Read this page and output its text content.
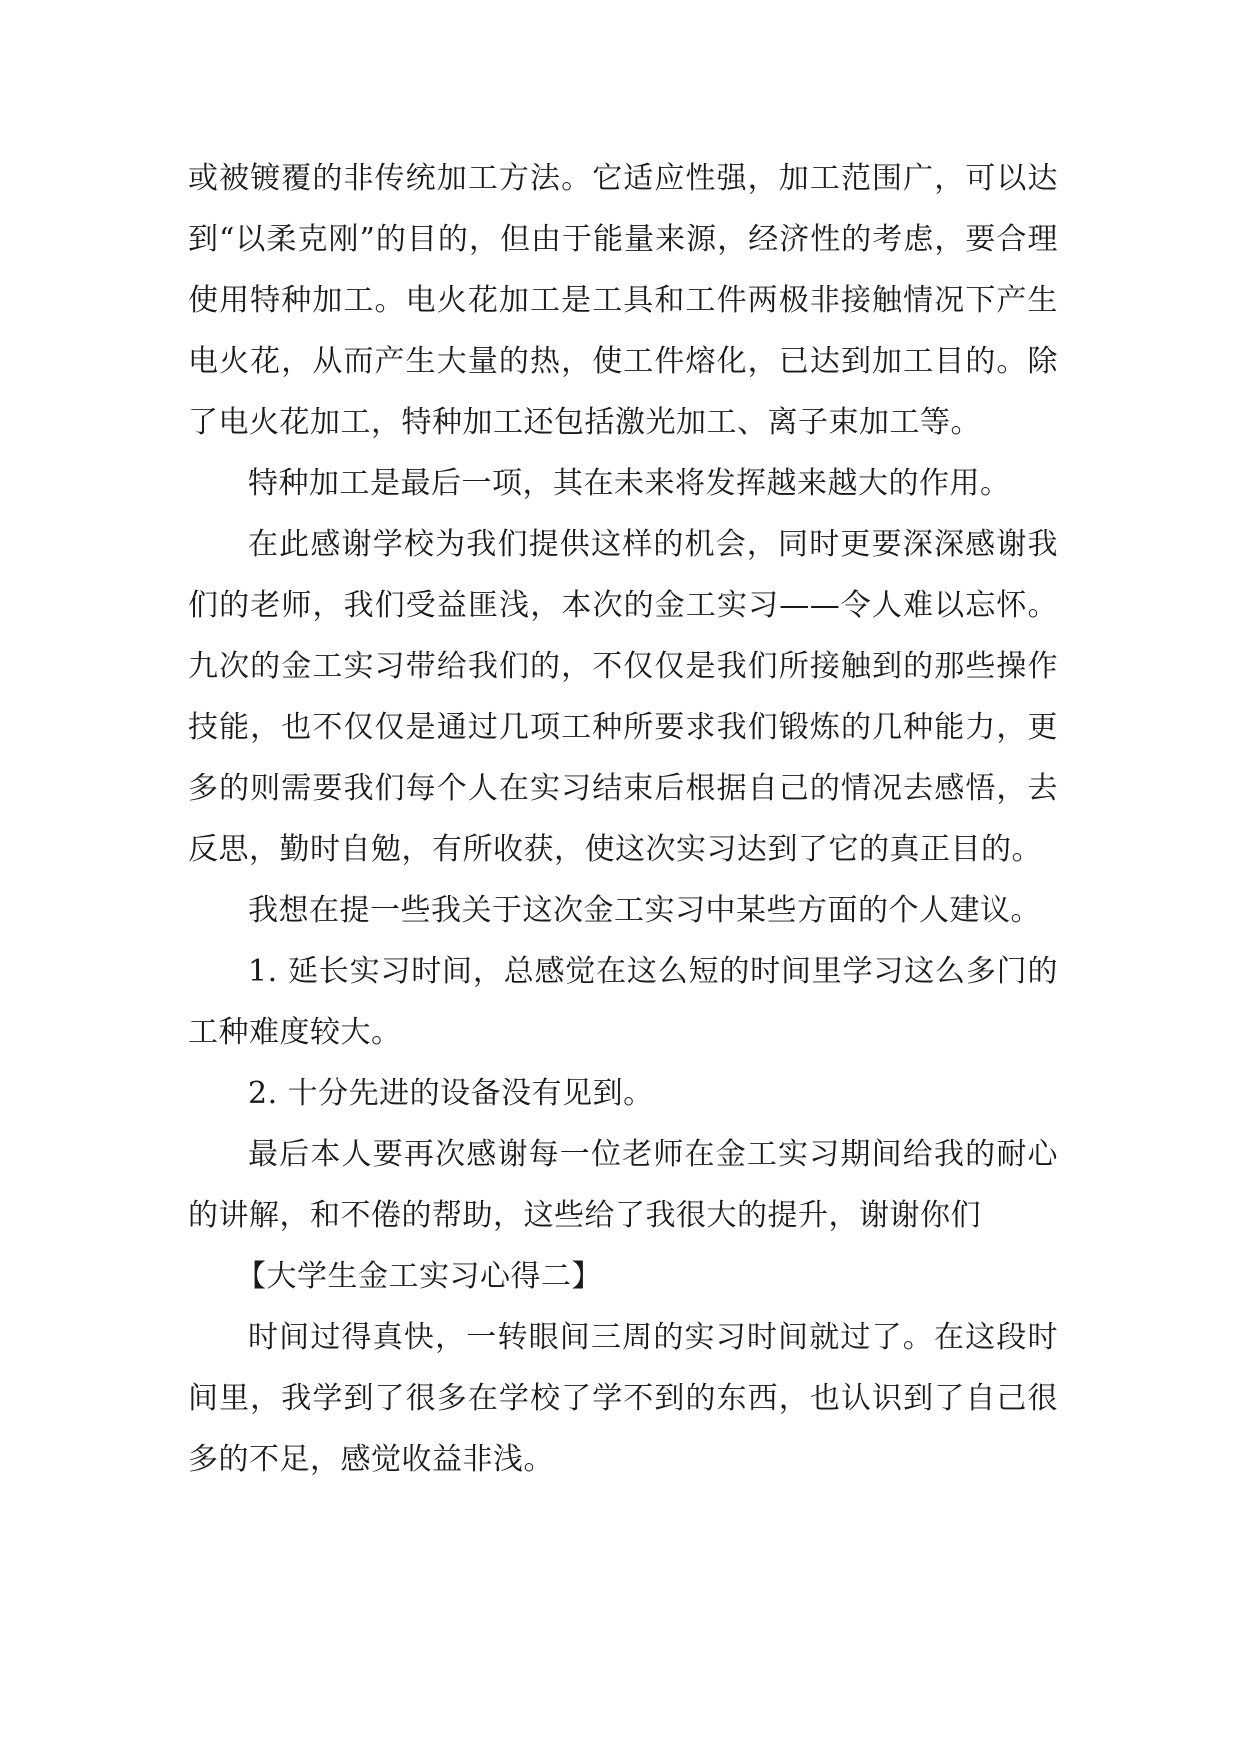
或被镀覆的非传统加工方法。它适应性强，加工范围广，可以达到“以柔克刚”的目的，但由于能量来源，经济性的考虑，要合理使用特种加工。电火花加工是工具和工件两极非接触情况下产生电火花，从而产生大量的热，使工件熔化，已达到加工目的。除了电火花加工，特种加工还包括激光加工、离子束加工等。

特种加工是最后一项，其在未来将发挥越来越大的作用。

在此感谢学校为我们提供这样的机会，同时更要深深感谢我们的老师，我们受益匪浅，本次的金工实习——令人难以忘怀。九次的金工实习带给我们的，不仅仅是我们所接触到的那些操作技能，也不仅仅是通过几项工种所要求我们锻炼的几种能力，更多的则需要我们每个人在实习结束后根据自己的情况去感悟，去反思，勤时自勉，有所收获，使这次实习达到了它的真正目的。

我想在提一些我关于这次金工实习中某些方面的个人建议。

1. 延长实习时间，总感觉在这么短的时间里学习这么多门的工种难度较大。

2. 十分先进的设备没有见到。

最后本人要再次感谢每一位老师在金工实习期间给我的耐心的讲解，和不倦的帮助，这些给了我很大的提升，谢谢你们

【大学生金工实习心得二】

时间过得真快，一转眼间三周的实习时间就过了。在这段时间里，我学到了很多在学校了学不到的东西，也认识到了自己很多的不足，感觉收益非浅。
